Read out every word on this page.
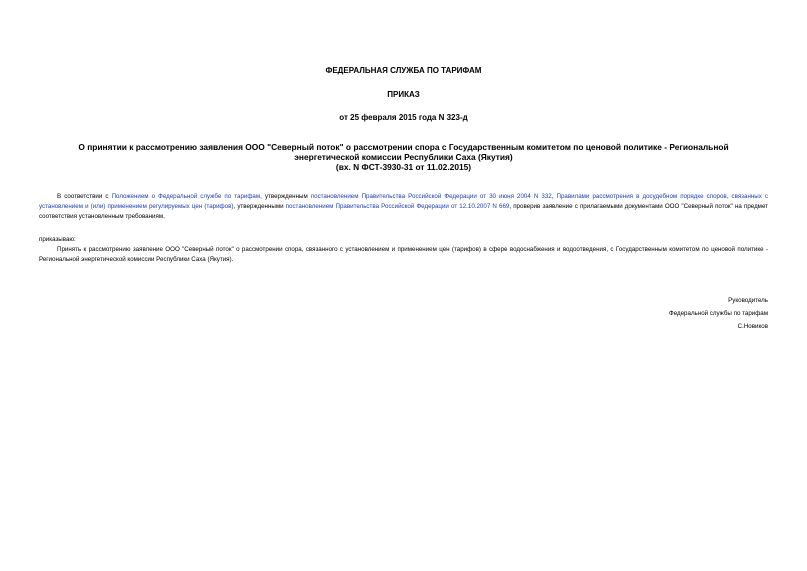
ФЕДЕРАЛЬНАЯ СЛУЖБА ПО ТАРИФАМ
ПРИКАЗ
от 25 февраля 2015 года N 323-д
О принятии к рассмотрению заявления ООО "Северный поток" о рассмотрении спора с Государственным комитетом по ценовой политике - Региональной
энергетической комиссии Республики Саха (Якутия)
(вх. N ФСТ-3930-31 от 11.02.2015)
В соответствии с Положением о Федеральной службе по тарифам, утвержденным постановлением Правительства Российской Федерации от 30 июня 2004 N 332, Правилами рассмотрения в досудебном порядке споров, связанных с установлением и (или) применением регулируемых цен (тарифов), утвержденными постановлением Правительства Российской Федерации от 12.10.2007 N 669, проверив заявление с прилагаемыми документами ООО "Северный поток" на предмет соответствия установленным требованиям,
приказываю:
Принять к рассмотрению заявление ООО "Северный поток" о рассмотрении спора, связанного с установлением и применением цен (тарифов) в сфере водоснабжения и водоотведения, с Государственным комитетом по ценовой политике - Региональной энергетической комиссии Республики Саха (Якутия).
Руководитель
Федеральной службы по тарифам
С.Новиков
